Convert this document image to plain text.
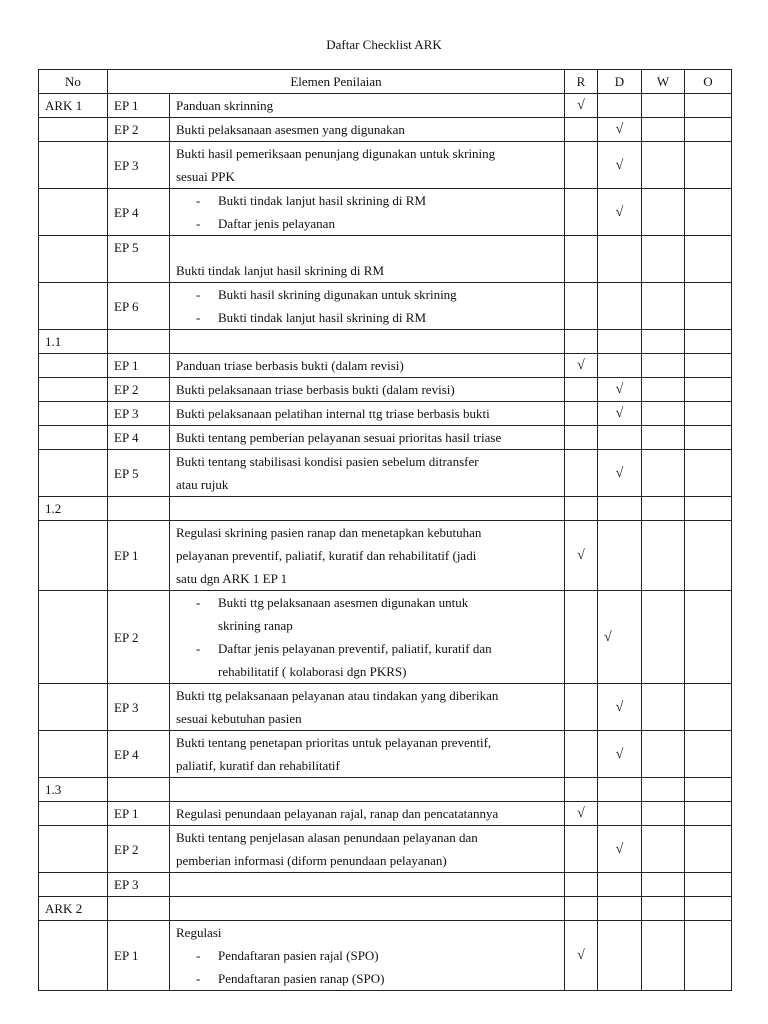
Daftar Checklist ARK
No	Elemen Penilaian		R	D	W	O
ARK 1	EP 1	Panduan skrinning	√			
	EP 2	Bukti pelaksanaan asesmen yang digunakan		√		
	EP 3	Bukti hasil pemeriksaan penunjang digunakan untuk skrining
sesuai PPK		√		
	EP 4	- Bukti tindak lanjut hasil skrining di RM
- Daftar jenis pelayanan		√		
	EP 5	Bukti tindak lanjut hasil skrining di RM				

	EP 6	- Bukti hasil skrining digunakan untuk skrining
- Bukti tindak lanjut hasil skrining di RM				

1.1		

	EP 1	Panduan triase berbasis bukti (dalam revisi)	√			
	EP 2	Bukti pelaksanaan triase berbasis bukti (dalam revisi)		√		
	EP 3	Bukti pelaksanaan pelatihan internal ttg triase berbasis bukti		√		
	EP 4	Bukti tentang pemberian pelayanan sesuai prioritas hasil triase				

	EP 5	Bukti tentang stabilisasi kondisi pasien sebelum ditransfer
atau rujuk		√		
1.2		

	EP 1	Regulasi skrining pasien ranap dan menetapkan kebutuhan
pelayanan preventif, paliatif, kuratif dan rehabilitatif (jadi
satu dgn ARK 1 EP 1	√			
	EP 2	- Bukti ttg pelaksanaan asesmen digunakan untuk
skrining ranap
- Daftar jenis pelayanan preventif, paliatif, kuratif dan
rehabilitatif ( kolaborasi dgn PKRS)		√		
	EP 3	Bukti ttg pelaksanaan pelayanan atau tindakan yang diberikan
sesuai kebutuhan pasien		√		
	EP 4	Bukti tentang penetapan prioritas untuk pelayanan preventif,
paliatif, kuratif dan rehabilitatif		√		
1.3		

	EP 1	Regulasi penundaan pelayanan rajal, ranap dan pencatatannya	√			
	EP 2	Bukti tentang penjelasan alasan penundaan pelayanan dan
pemberian informasi (diform penundaan pelayanan)		√		
	EP 3	

ARK 2		

	EP 1	Regulasi
- Pendaftaran pasien rajal (SPO)
- Pendaftaran pasien ranap (SPO)	√			
